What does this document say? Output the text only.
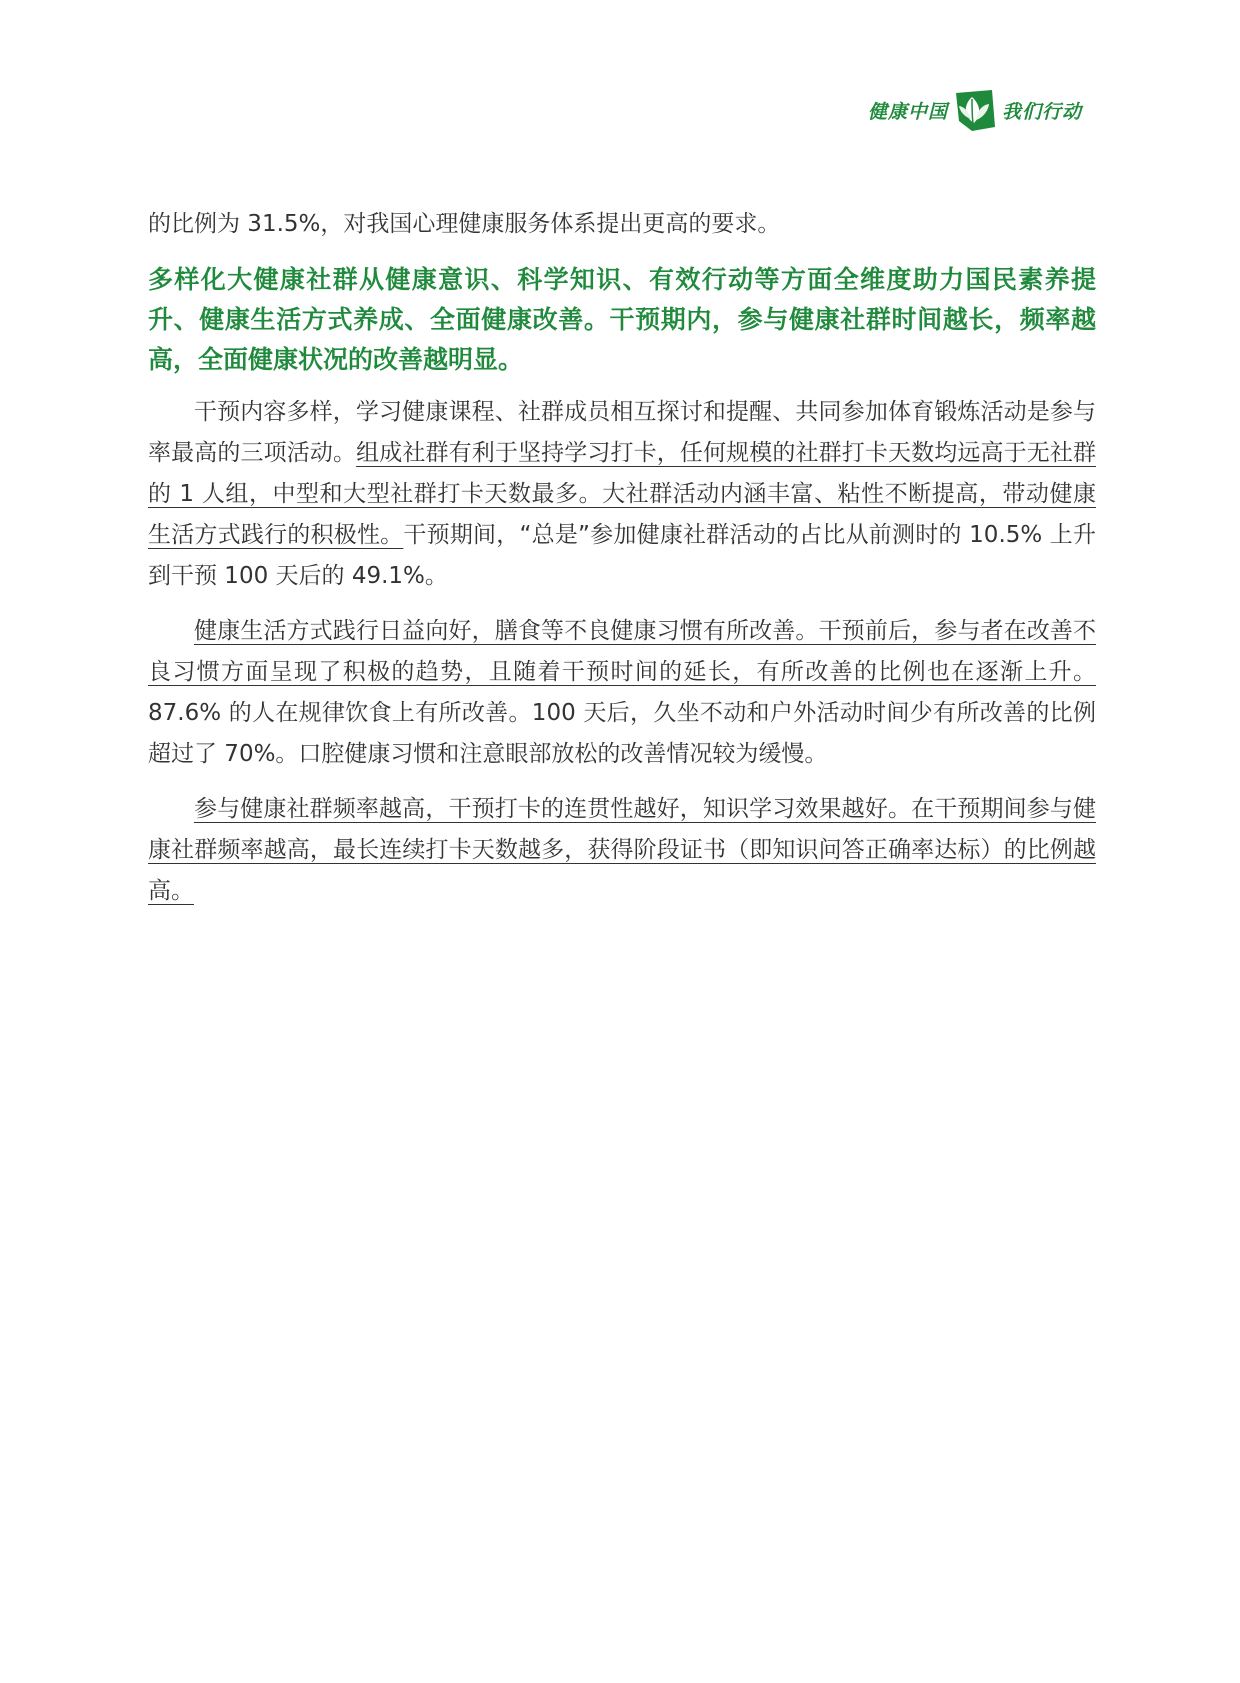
健康中国	我们行动

的比例为 31.5%，对我国心理健康服务体系提出更高的要求。

多样化大健康社群从健康意识、科学知识、有效行动等方面全维度助力国民素养提升、健康生活方式养成、全面健康改善。干预期内，参与健康社群时间越长，频率越高，全面健康状况的改善越明显。

干预内容多样，学习健康课程、社群成员相互探讨和提醒、共同参加体育锻炼活动是参与率最高的三项活动。组成社群有利于坚持学习打卡，任何规模的社群打卡天数均远高于无社群的 1 人组，中型和大型社群打卡天数最多。大社群活动内涵丰富、粘性不断提高，带动健康生活方式践行的积极性。干预期间，“总是”参加健康社群活动的占比从前测时的 10.5% 上升到干预 100 天后的 49.1%。

健康生活方式践行日益向好，膳食等不良健康习惯有所改善。干预前后，参与者在改善不良习惯方面呈现了积极的趋势，且随着干预时间的延长，有所改善的比例也在逐渐上升。87.6% 的人在规律饮食上有所改善。100 天后，久坐不动和户外活动时间少有所改善的比例超过了 70%。口腔健康习惯和注意眼部放松的改善情况较为缓慢。

参与健康社群频率越高，干预打卡的连贯性越好，知识学习效果越好。在干预期间参与健康社群频率越高，最长连续打卡天数越多，获得阶段证书（即知识问答正确率达标）的比例越高。
